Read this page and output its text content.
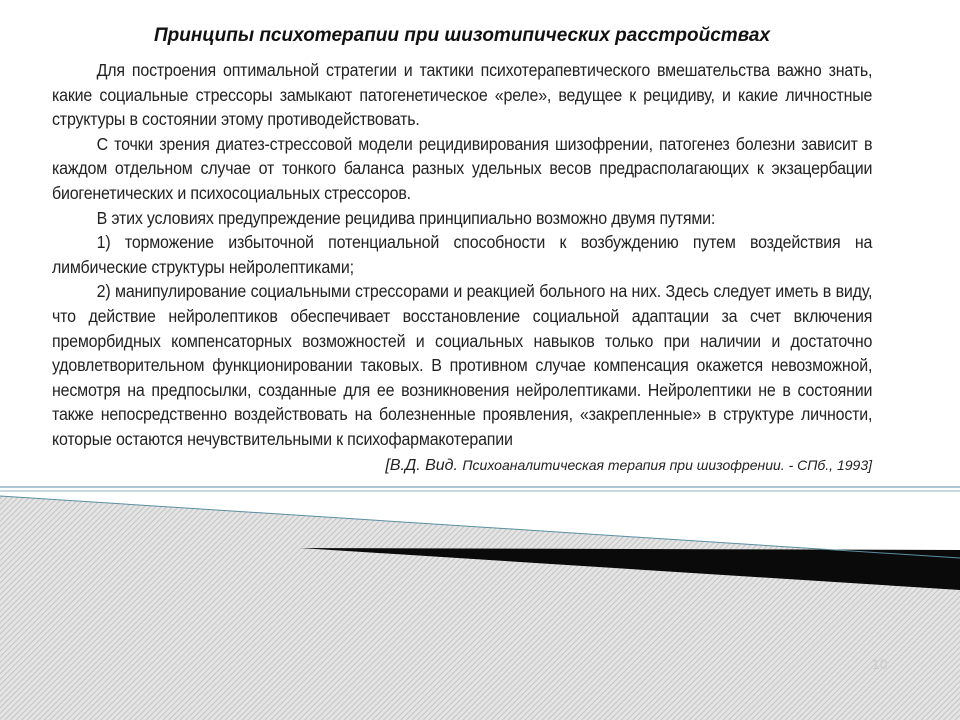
Принципы психотерапии при шизотипических расстройствах

Для построения оптимальной стратегии и тактики психотерапевтического вмешательства важно знать, какие социальные стрессоры замыкают патогенетическое «реле», ведущее к рецидиву, и какие личностные структуры в состоянии этому противодействовать.

С точки зрения диатез-стрессовой модели рецидивирования шизофрении, патогенез болезни зависит в каждом отдельном случае от тонкого баланса разных удельных весов предрасполагающих к экзацербации биогенетических и психосоциальных стрессоров.

В этих условиях предупреждение рецидива принципиально возможно двумя путями:

1) торможение избыточной потенциальной способности к возбуждению путем воздействия на лимбические структуры нейролептиками;

2) манипулирование социальными стрессорами и реакцией больного на них. Здесь следует иметь в виду, что действие нейролептиков обеспечивает восстановление социальной адаптации за счет включения преморбидных компенсаторных возможностей и социальных навыков только при наличии и достаточно удовлетворительном функционировании таковых. В противном случае компенсация окажется невозможной, несмотря на предпосылки, созданные для ее возникновения нейролептиками. Нейролептики не в состоянии также непосредственно воздействовать на болезненные проявления, «закрепленные» в структуре личности, которые остаются нечувствительными к психофармакотерапии

[В.Д. Вид. Психоаналитическая терапия при шизофрении. - СПб., 1993]
10
